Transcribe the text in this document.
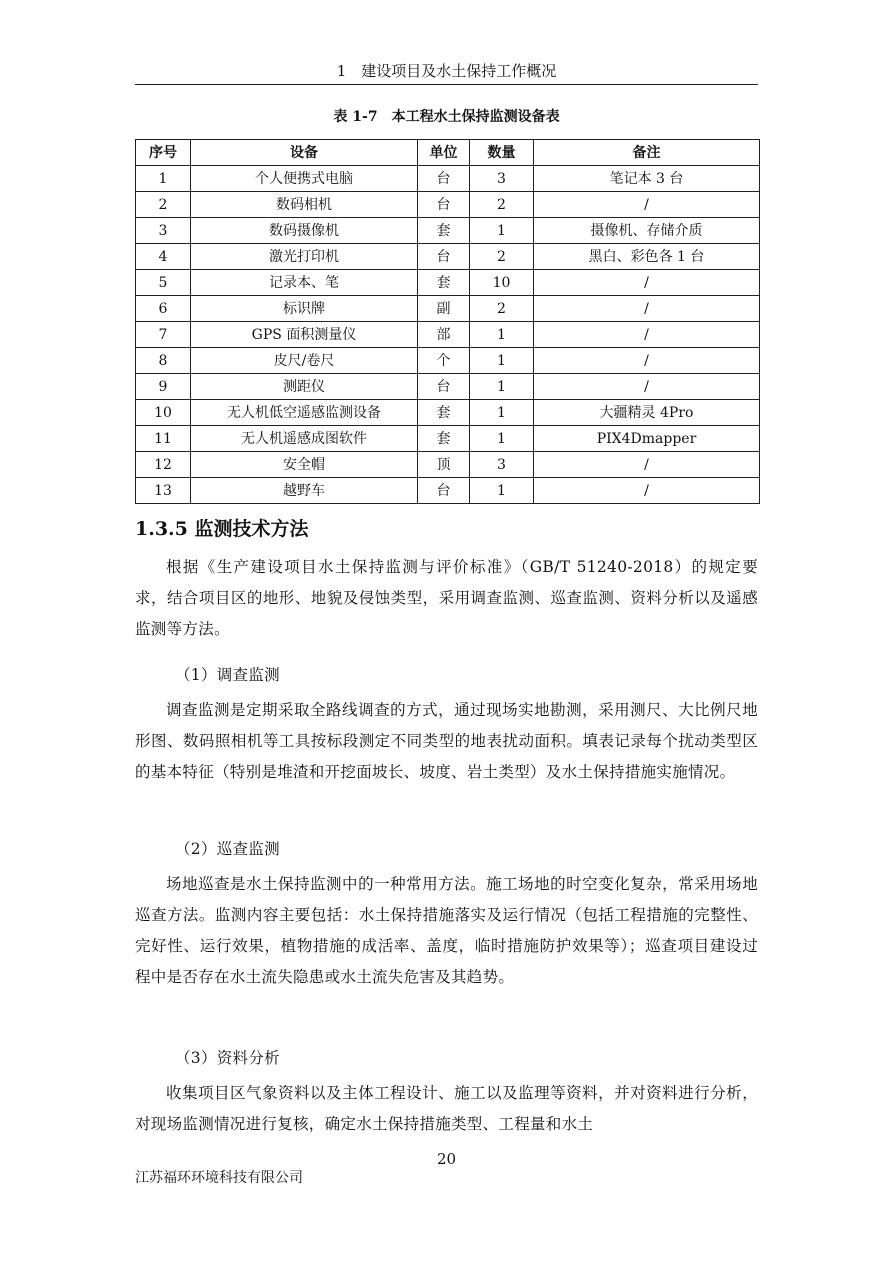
1　建设项目及水土保持工作概况
表 1-7　本工程水土保持监测设备表
序号	设备	单位	数量	备注
1	个人便携式电脑	台	3	笔记本 3 台
2	数码相机	台	2	/
3	数码摄像机	套	1	摄像机、存储介质
4	激光打印机	台	2	黑白、彩色各 1 台
5	记录本、笔	套	10	/
6	标识牌	副	2	/
7	GPS 面积测量仪	部	1	/
8	皮尺/卷尺	个	1	/
9	测距仪	台	1	/
10	无人机低空遥感监测设备	套	1	大疆精灵 4Pro
11	无人机遥感成图软件	套	1	PIX4Dmapper
12	安全帽	顶	3	/
13	越野车	台	1	/
1.3.5 监测技术方法
根据《生产建设项目水土保持监测与评价标准》（GB/T 51240-2018）的规定要求，结合项目区的地形、地貌及侵蚀类型，采用调查监测、巡查监测、资料分析以及遥感监测等方法。
（1）调查监测
调查监测是定期采取全路线调查的方式，通过现场实地勘测，采用测尺、大比例尺地形图、数码照相机等工具按标段测定不同类型的地表扰动面积。填表记录每个扰动类型区的基本特征（特别是堆渣和开挖面坡长、坡度、岩土类型）及水土保持措施实施情况。
（2）巡查监测
场地巡查是水土保持监测中的一种常用方法。施工场地的时空变化复杂，常采用场地巡查方法。监测内容主要包括：水土保持措施落实及运行情况（包括工程措施的完整性、完好性、运行效果，植物措施的成活率、盖度，临时措施防护效果等）；巡查项目建设过程中是否存在水土流失隐患或水土流失危害及其趋势。
（3）资料分析
收集项目区气象资料以及主体工程设计、施工以及监理等资料，并对资料进行分析，对现场监测情况进行复核，确定水土保持措施类型、工程量和水土
20
江苏福环环境科技有限公司
